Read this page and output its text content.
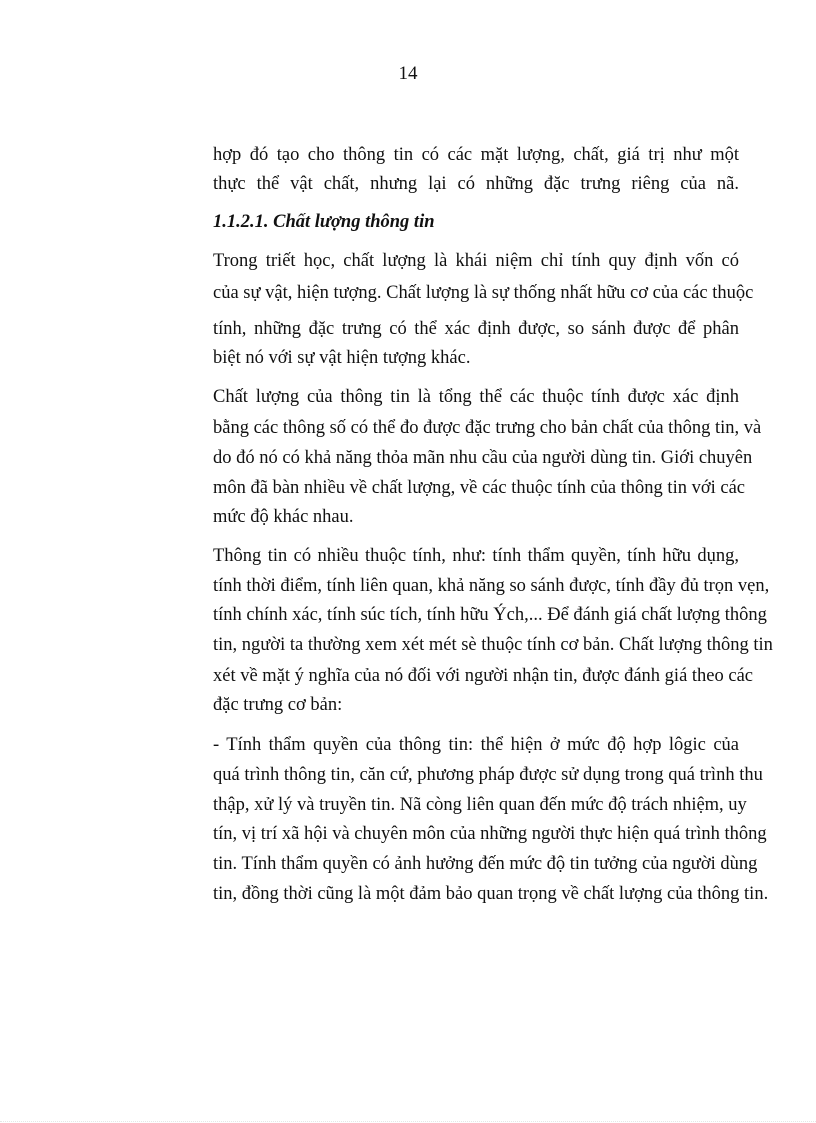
14
hợp đó tạo cho thông tin có các mặt lượng, chất, giá trị như một
thực thể vật chất, nhưng lại có những đặc trưng riêng của nã.
1.1.2.1. Chất lượng thông tin
Trong triết học, chất lượng là khái niệm chỉ tính quy định vốn có
của sự vật, hiện tượng. Chất lượng là sự thống nhất hữu cơ của các thuộc
tính, những đặc trưng có thể xác định được, so sánh được để phân
biệt nó với sự vật hiện tượng khác.
Chất lượng của thông tin là tổng thể các thuộc tính được xác định
bằng các thông số có thể đo được đặc trưng cho bản chất của thông tin, và
do đó nó có khả năng thỏa mãn nhu cầu của người dùng tin. Giới chuyên
môn đã bàn nhiều về chất lượng, về các thuộc tính của thông tin với các
mức độ khác nhau.
Thông tin có nhiều thuộc tính, như: tính thẩm quyền, tính hữu dụng,
tính thời điểm, tính liên quan, khả năng so sánh được, tính đầy đủ trọn vẹn,
tính chính xác, tính súc tích, tính hữu Ých,... Để đánh giá chất lượng thông
tin, người ta thường xem xét mét sè thuộc tính cơ bản. Chất lượng thông tin
xét về mặt ý nghĩa của nó đối với người nhận tin, được đánh giá theo các
đặc trưng cơ bản:
- Tính thẩm quyền của thông tin: thể hiện ở mức độ hợp lôgic của
quá trình thông tin, căn cứ, phương pháp được sử dụng trong quá trình thu
thập, xử lý và truyền tin. Nã còng liên quan đến mức độ trách nhiệm, uy
tín, vị trí xã hội và chuyên môn của những người thực hiện quá trình thông
tin. Tính thẩm quyền có ảnh hưởng đến mức độ tin tưởng của người dùng
tin, đồng thời cũng là một đảm bảo quan trọng về chất lượng của thông tin.
